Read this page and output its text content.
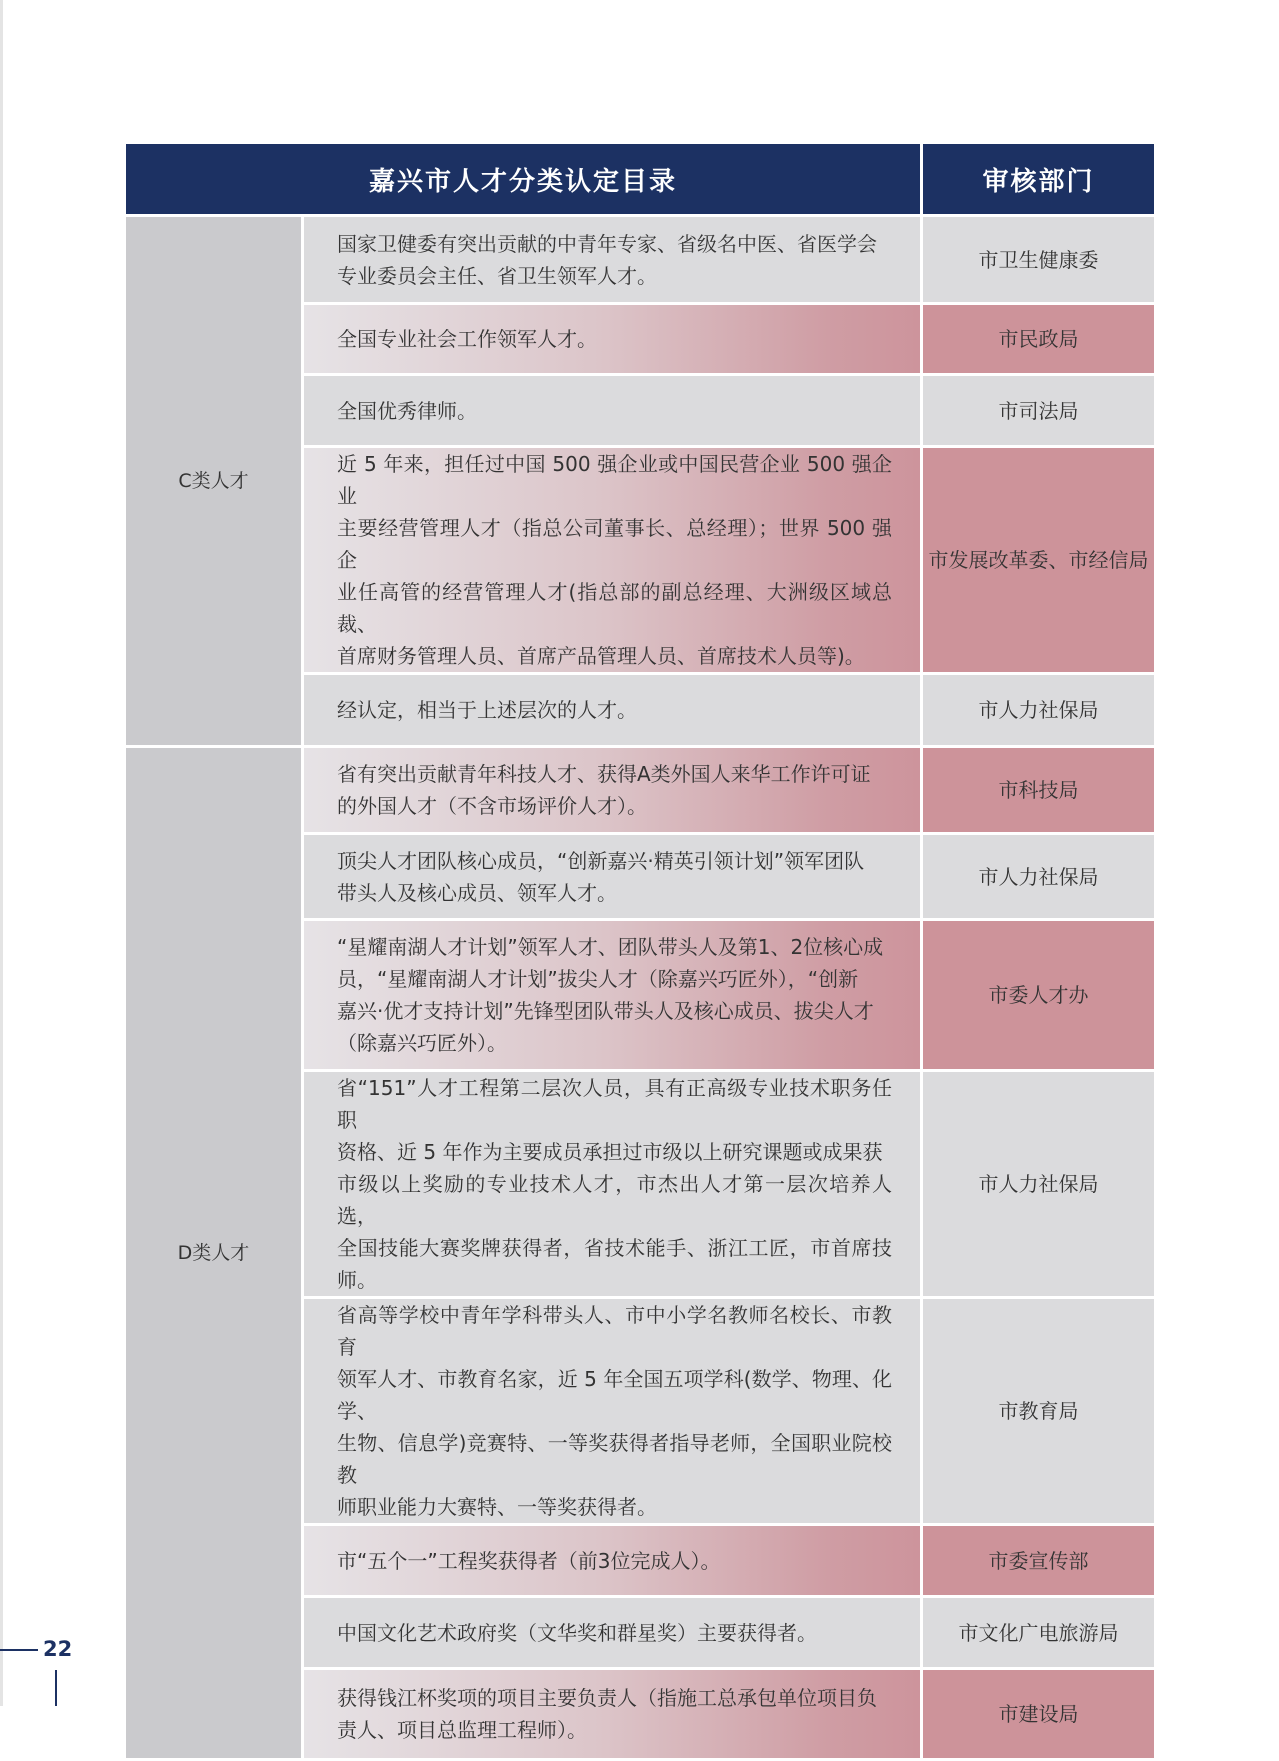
嘉兴市人才分类认定目录		审核部门
C类人才	国家卫健委有突出贡献的中青年专家、省级名中医、省医学会
专业委员会主任、省卫生领军人才。	市卫生健康委
	全国专业社会工作领军人才。	市民政局
	全国优秀律师。	市司法局
	近 5 年来，担任过中国 500 强企业或中国民营企业 500 强企业
主要经营管理人才（指总公司董事长、总经理）；世界 500 强企
业任高管的经营管理人才(指总部的副总经理、大洲级区域总裁、
首席财务管理人员、首席产品管理人员、首席技术人员等)。	市发展改革委、市经信局
	经认定，相当于上述层次的人才。	市人力社保局
D类人才	省有突出贡献青年科技人才、获得A类外国人来华工作许可证
的外国人才（不含市场评价人才）。	市科技局
	顶尖人才团队核心成员，“创新嘉兴·精英引领计划”领军团队
带头人及核心成员、领军人才。	市人力社保局
	“星耀南湖人才计划”领军人才、团队带头人及第1、2位核心成
员，“星耀南湖人才计划”拔尖人才（除嘉兴巧匠外），“创新
嘉兴·优才支持计划”先锋型团队带头人及核心成员、拔尖人才
（除嘉兴巧匠外）。	市委人才办
	省“151”人才工程第二层次人员，具有正高级专业技术职务任职
资格、近 5 年作为主要成员承担过市级以上研究课题或成果获
市级以上奖励的专业技术人才，市杰出人才第一层次培养人选，
全国技能大赛奖牌获得者，省技术能手、浙江工匠，市首席技师。	市人力社保局
	省高等学校中青年学科带头人、市中小学名教师名校长、市教育
领军人才、市教育名家，近 5 年全国五项学科(数学、物理、化学、
生物、信息学)竞赛特、一等奖获得者指导老师，全国职业院校教
师职业能力大赛特、一等奖获得者。	市教育局
	市“五个一”工程奖获得者（前3位完成人）。	市委宣传部
	中国文化艺术政府奖（文华奖和群星奖）主要获得者。	市文化广电旅游局
	获得钱江杯奖项的项目主要负责人（指施工总承包单位项目负
责人、项目总监理工程师）。	市建设局
22
